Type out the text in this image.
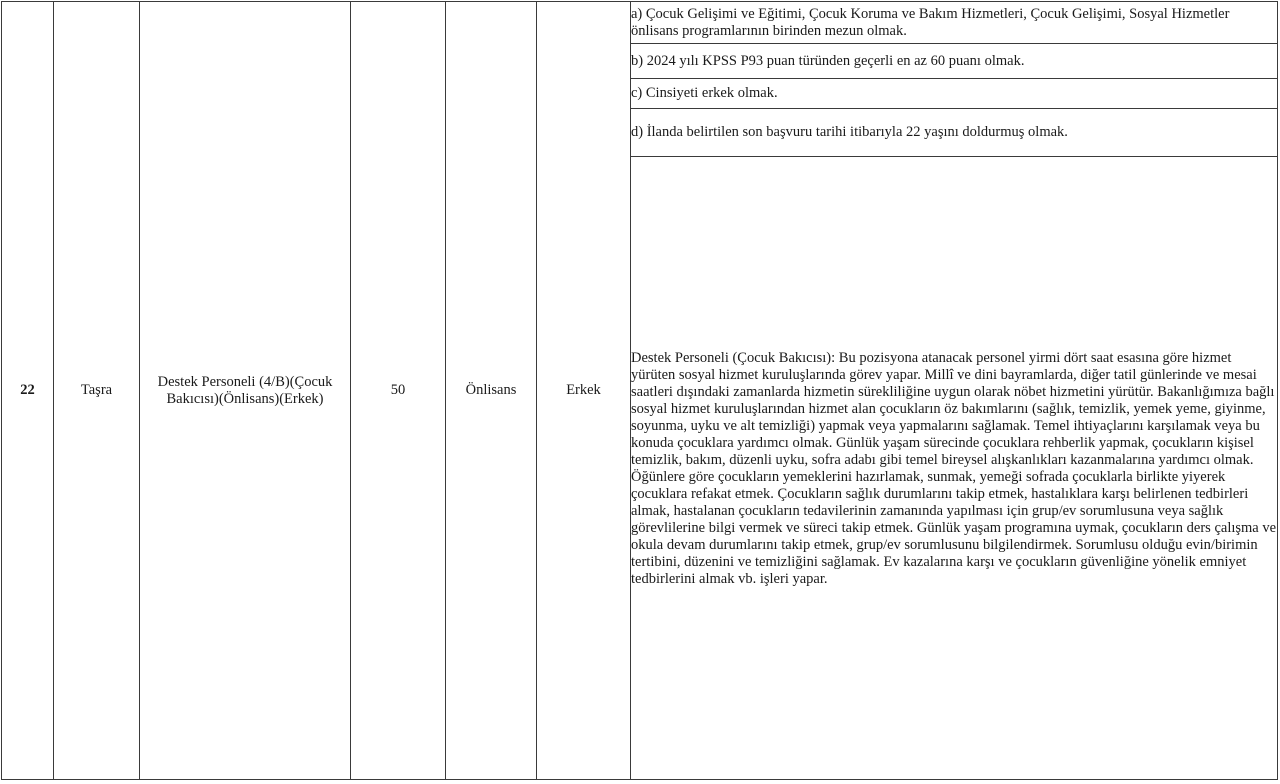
22	Taşra	Destek Personeli (4/B)(Çocuk Bakıcısı)(Önlisans)(Erkek)	50	Önlisans	Erkek	a) Çocuk Gelişimi ve Eğitimi, Çocuk Koruma ve Bakım Hizmetleri, Çocuk Gelişimi, Sosyal Hizmetler önlisans programlarının birinden mezun olmak.
b) 2024 yılı KPSS P93 puan türünden geçerli en az 60 puanı olmak.
c) Cinsiyeti erkek olmak.
d) İlanda belirtilen son başvuru tarihi itibarıyla 22 yaşını doldurmuş olmak.

Destek Personeli (Çocuk Bakıcısı): Bu pozisyona atanacak personel yirmi dört saat esasına göre hizmet yürüten sosyal hizmet kuruluşlarında görev yapar. Millî ve dini bayramlarda, diğer tatil günlerinde ve mesai saatleri dışındaki zamanlarda hizmetin sürekliliğine uygun olarak nöbet hizmetini yürütür. Bakanlığımıza bağlı sosyal hizmet kuruluşlarından hizmet alan çocukların öz bakımlarını (sağlık, temizlik, yemek yeme, giyinme, soyunma, uyku ve alt temizliği) yapmak veya yapmalarını sağlamak. Temel ihtiyaçlarını karşılamak veya bu konuda çocuklara yardımcı olmak. Günlük yaşam sürecinde çocuklara rehberlik yapmak, çocukların kişisel temizlik, bakım, düzenli uyku, sofra adabı gibi temel bireysel alışkanlıkları kazanmalarına yardımcı olmak. Öğünlere göre çocukların yemeklerini hazırlamak, sunmak, yemeği sofrada çocuklarla birlikte yiyerek çocuklara refakat etmek. Çocukların sağlık durumlarını takip etmek, hastalıklara karşı belirlenen tedbirleri almak, hastalanan çocukların tedavilerinin zamanında yapılması için grup/ev sorumlusuna veya sağlık görevlilerine bilgi vermek ve süreci takip etmek. Günlük yaşam programına uymak, çocukların ders çalışma ve okula devam durumlarını takip etmek, grup/ev sorumlusunu bilgilendirmek. Sorumlusu olduğu evin/birimin tertibini, düzenini ve temizliğini sağlamak. Ev kazalarına karşı ve çocukların güvenliğine yönelik emniyet tedbirlerini almak vb. işleri yapar.
